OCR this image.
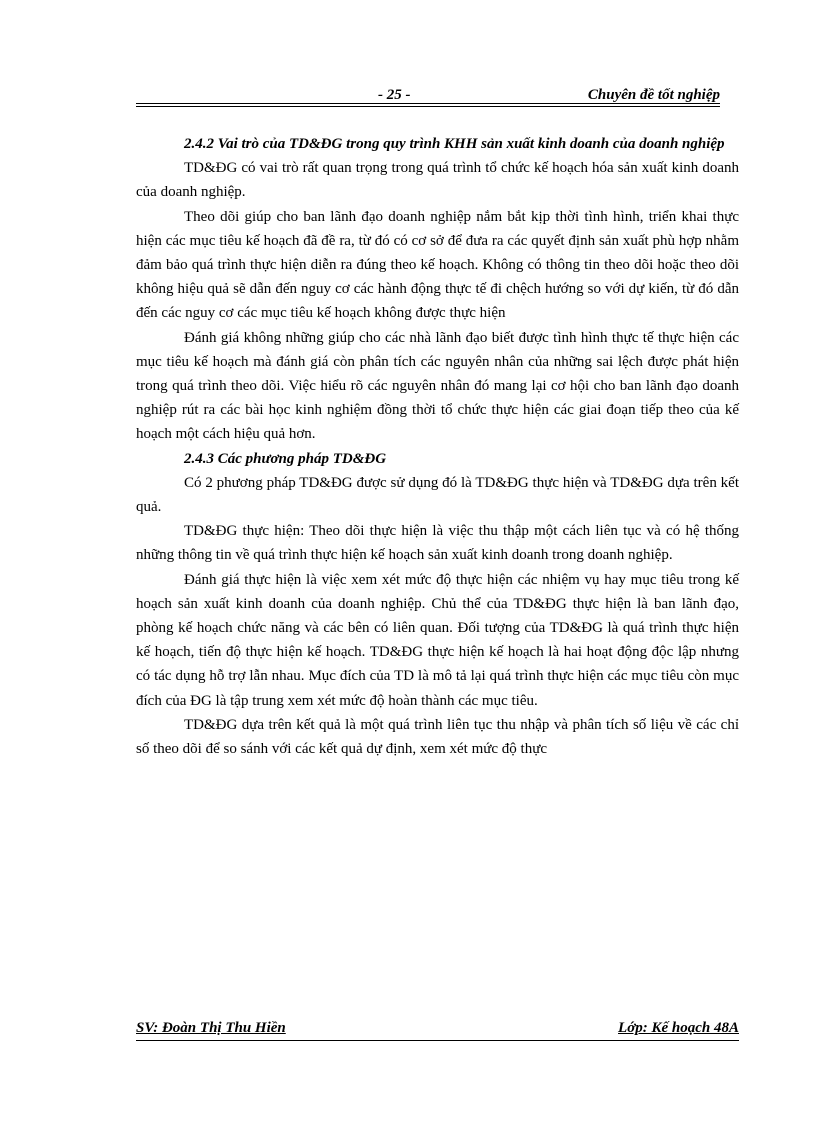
- 25 -	Chuyên đề tốt nghiệp

2.4.2 Vai trò của TD&ĐG trong quy trình KHH sản xuất kinh doanh của doanh nghiệp

TD&ĐG có vai trò rất quan trọng trong quá trình tổ chức kế hoạch hóa sản xuất kinh doanh của doanh nghiệp.

Theo dõi giúp cho ban lãnh đạo doanh nghiệp nắm bắt kịp thời tình hình, triển khai thực hiện các mục tiêu kế hoạch đã đề ra, từ đó có cơ sở để đưa ra các quyết định sản xuất phù hợp nhằm đảm bảo quá trình thực hiện diễn ra đúng theo kế hoạch. Không có thông tin theo dõi hoặc theo dõi không hiệu quả sẽ dẫn đến nguy cơ các hành động thực tế đi chệch hướng so với dự kiến, từ đó dẫn đến các nguy cơ các mục tiêu kế hoạch không được thực hiện

Đánh giá không những giúp cho các nhà lãnh đạo biết được tình hình thực tế thực hiện các mục tiêu kế hoạch mà đánh giá còn phân tích các nguyên nhân của những sai lệch được phát hiện trong quá trình theo dõi. Việc hiểu rõ các nguyên nhân đó mang lại cơ hội cho ban lãnh đạo doanh nghiệp rút ra các bài học kinh nghiệm đồng thời tổ chức thực hiện các giai đoạn tiếp theo của kế hoạch một cách hiệu quả hơn.

2.4.3 Các phương pháp TD&ĐG

Có 2 phương pháp TD&ĐG được sử dụng đó là TD&ĐG thực hiện và TD&ĐG dựa trên kết quả.

TD&ĐG thực hiện: Theo dõi thực hiện là việc thu thập một cách liên tục và có hệ thống những thông tin về quá trình thực hiện kế hoạch sản xuất kinh doanh trong doanh nghiệp.

Đánh giá thực hiện là việc xem xét mức độ thực hiện các nhiệm vụ hay mục tiêu trong kế hoạch sản xuất kinh doanh của doanh nghiệp. Chủ thể của TD&ĐG thực hiện là ban lãnh đạo, phòng kế hoạch chức năng và các bên có liên quan. Đối tượng của TD&ĐG là quá trình thực hiện kế hoạch, tiến độ thực hiện kế hoạch. TD&ĐG thực hiện kế hoạch là hai hoạt động độc lập nhưng có tác dụng hỗ trợ lẫn nhau. Mục đích của TD là mô tả lại quá trình thực hiện các mục tiêu còn mục đích của ĐG là tập trung xem xét mức độ hoàn thành các mục tiêu.

TD&ĐG dựa trên kết quả là một quá trình liên tục thu nhập và phân tích số liệu về các chỉ số theo dõi để so sánh với các kết quả dự định, xem xét mức độ thực

SV: Đoàn Thị Thu Hiền	Lớp: Kế hoạch 48A
